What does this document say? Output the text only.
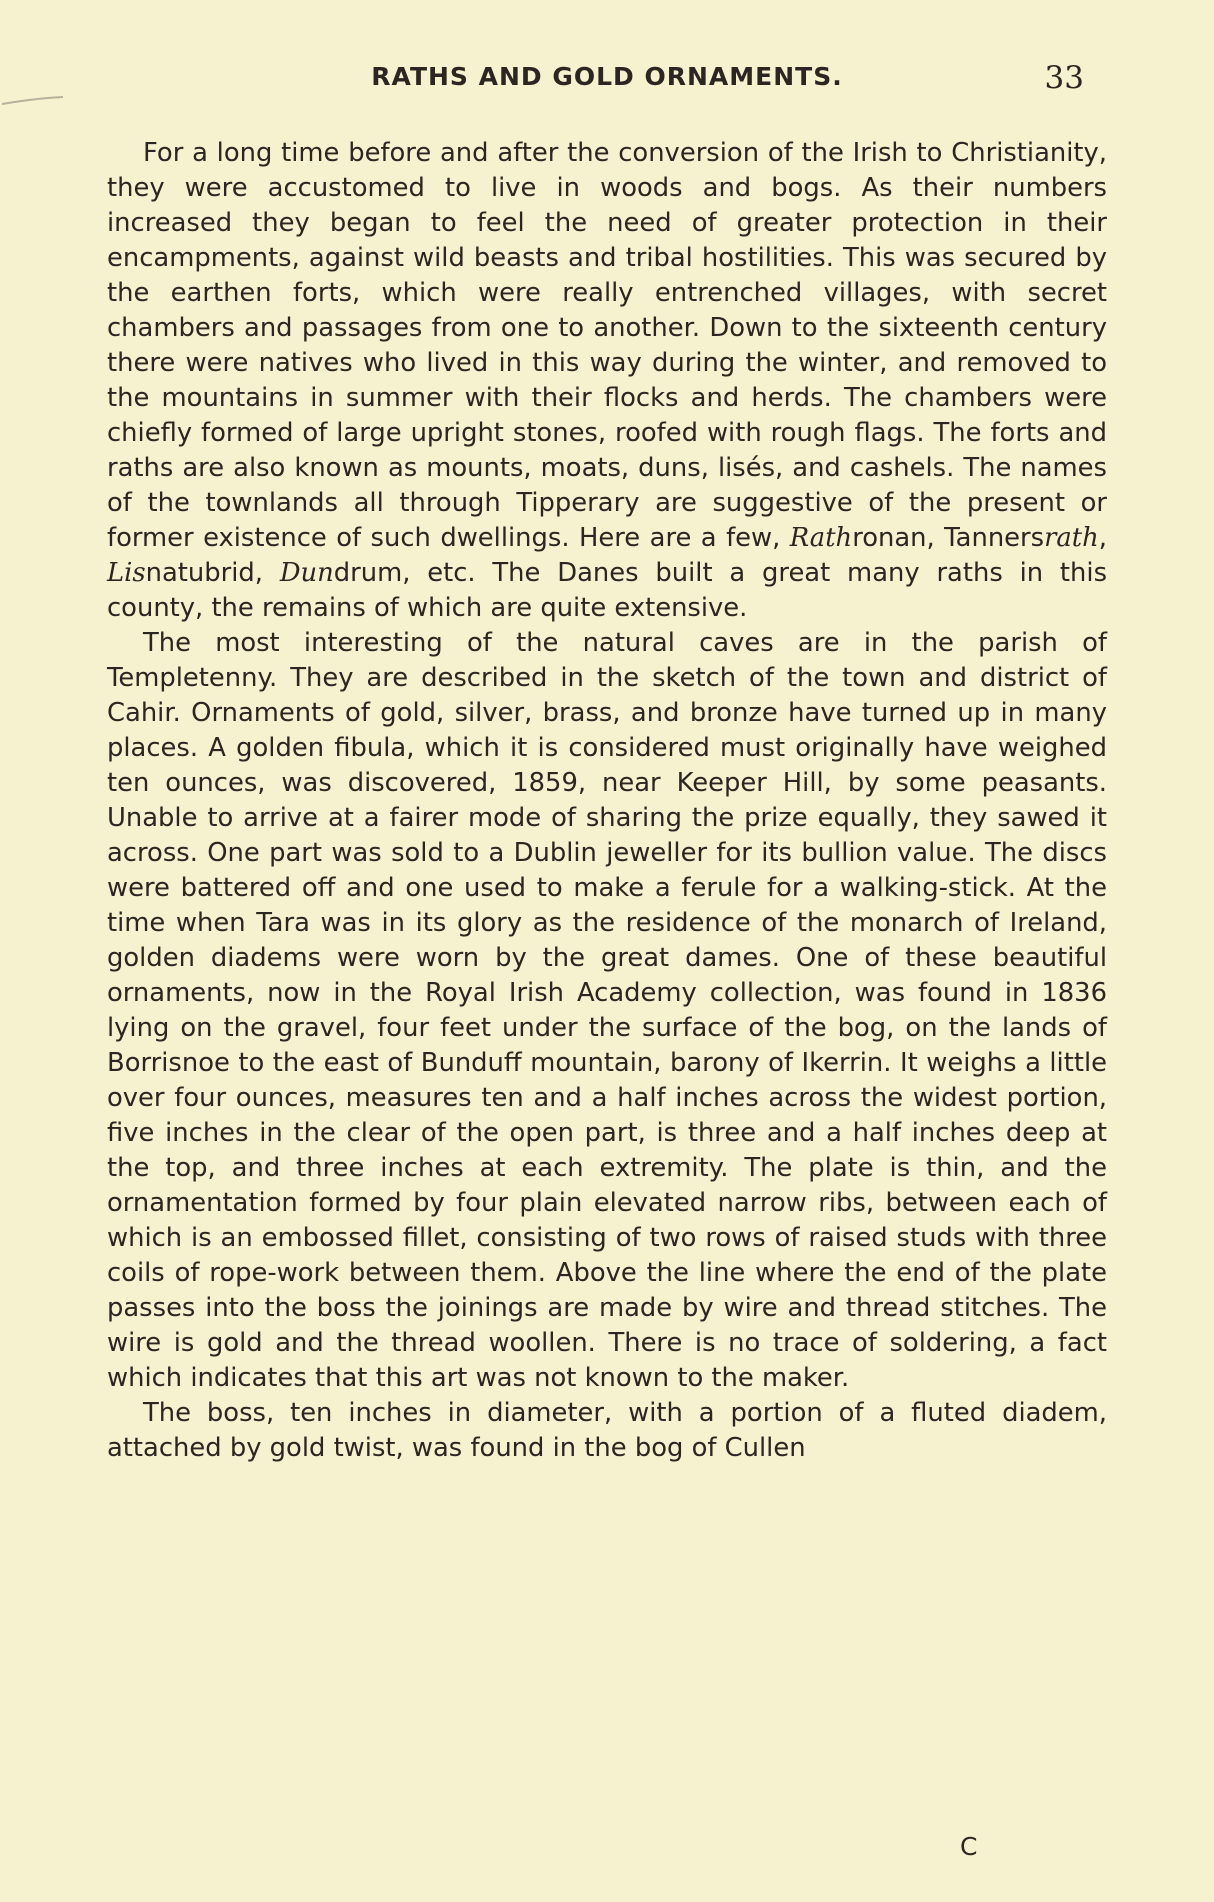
RATHS AND GOLD ORNAMENTS.	33

For a long time before and after the conversion of the Irish to Christianity, they were accustomed to live in woods and bogs. As their numbers increased they began to feel the need of greater protection in their encampments, against wild beasts and tribal hostilities. This was secured by the earthen forts, which were really entrenched villages, with secret chambers and passages from one to another. Down to the sixteenth century there were natives who lived in this way during the winter, and removed to the mountains in summer with their flocks and herds. The chambers were chiefly formed of large upright stones, roofed with rough flags. The forts and raths are also known as mounts, moats, duns, lisés, and cashels. The names of the townlands all through Tipperary are suggestive of the present or former existence of such dwellings. Here are a few, Rathronan, Tannersrath, Lisnatubrid, Dundrum, etc. The Danes built a great many raths in this county, the remains of which are quite extensive.

The most interesting of the natural caves are in the parish of Templetenny. They are described in the sketch of the town and district of Cahir. Ornaments of gold, silver, brass, and bronze have turned up in many places. A golden fibula, which it is considered must originally have weighed ten ounces, was discovered, 1859, near Keeper Hill, by some peasants. Unable to arrive at a fairer mode of sharing the prize equally, they sawed it across. One part was sold to a Dublin jeweller for its bullion value. The discs were battered off and one used to make a ferule for a walking-stick. At the time when Tara was in its glory as the residence of the monarch of Ireland, golden diadems were worn by the great dames. One of these beautiful ornaments, now in the Royal Irish Academy collection, was found in 1836 lying on the gravel, four feet under the surface of the bog, on the lands of Borrisnoe to the east of Bunduff mountain, barony of Ikerrin. It weighs a little over four ounces, measures ten and a half inches across the widest portion, five inches in the clear of the open part, is three and a half inches deep at the top, and three inches at each extremity. The plate is thin, and the ornamentation formed by four plain elevated narrow ribs, between each of which is an embossed fillet, consisting of two rows of raised studs with three coils of rope-work between them. Above the line where the end of the plate passes into the boss the joinings are made by wire and thread stitches. The wire is gold and the thread woollen. There is no trace of soldering, a fact which indicates that this art was not known to the maker.

The boss, ten inches in diameter, with a portion of a fluted diadem, attached by gold twist, was found in the bog of Cullen

C
